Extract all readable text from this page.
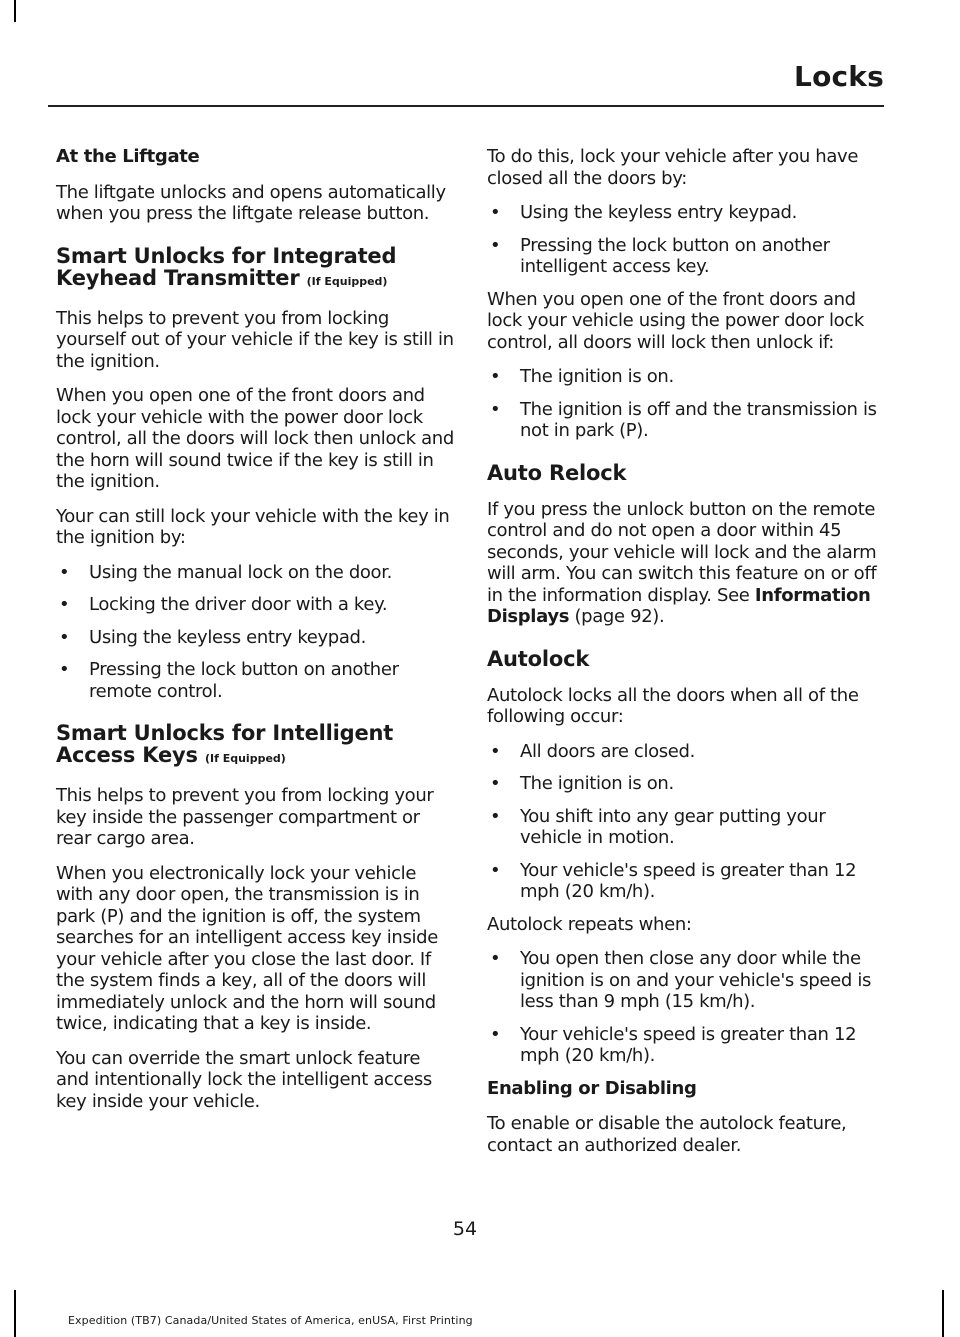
Locks

At the Liftgate

The liftgate unlocks and opens automatically when you press the liftgate release button.

Smart Unlocks for Integrated Keyhead Transmitter (If Equipped)

This helps to prevent you from locking yourself out of your vehicle if the key is still in the ignition.

When you open one of the front doors and lock your vehicle with the power door lock control, all the doors will lock then unlock and the horn will sound twice if the key is still in the ignition.

Your can still lock your vehicle with the key in the ignition by:

• Using the manual lock on the door.
• Locking the driver door with a key.
• Using the keyless entry keypad.
• Pressing the lock button on another remote control.
Smart Unlocks for Intelligent Access Keys (If Equipped)

This helps to prevent you from locking your key inside the passenger compartment or rear cargo area.

When you electronically lock your vehicle with any door open, the transmission is in park (P) and the ignition is off, the system searches for an intelligent access key inside your vehicle after you close the last door. If the system finds a key, all of the doors will immediately unlock and the horn will sound twice, indicating that a key is inside.

You can override the smart unlock feature and intentionally lock the intelligent access key inside your vehicle.

To do this, lock your vehicle after you have closed all the doors by:

• Using the keyless entry keypad.
• Pressing the lock button on another intelligent access key.

When you open one of the front doors and lock your vehicle using the power door lock control, all doors will lock then unlock if:

• The ignition is on.
• The ignition is off and the transmission is not in park (P).
Auto Relock

If you press the unlock button on the remote control and do not open a door within 45 seconds, your vehicle will lock and the alarm will arm. You can switch this feature on or off in the information display. See Information Displays (page 92).

Autolock

Autolock locks all the doors when all of the following occur:

• All doors are closed.
• The ignition is on.
• You shift into any gear putting your vehicle in motion.
• Your vehicle's speed is greater than 12 mph (20 km/h).

Autolock repeats when:

• You open then close any door while the ignition is on and your vehicle's speed is less than 9 mph (15 km/h).
• Your vehicle's speed is greater than 12 mph (20 km/h).

Enabling or Disabling

To enable or disable the autolock feature, contact an authorized dealer.

54
Expedition (TB7) Canada/United States of America, enUSA, First Printing
